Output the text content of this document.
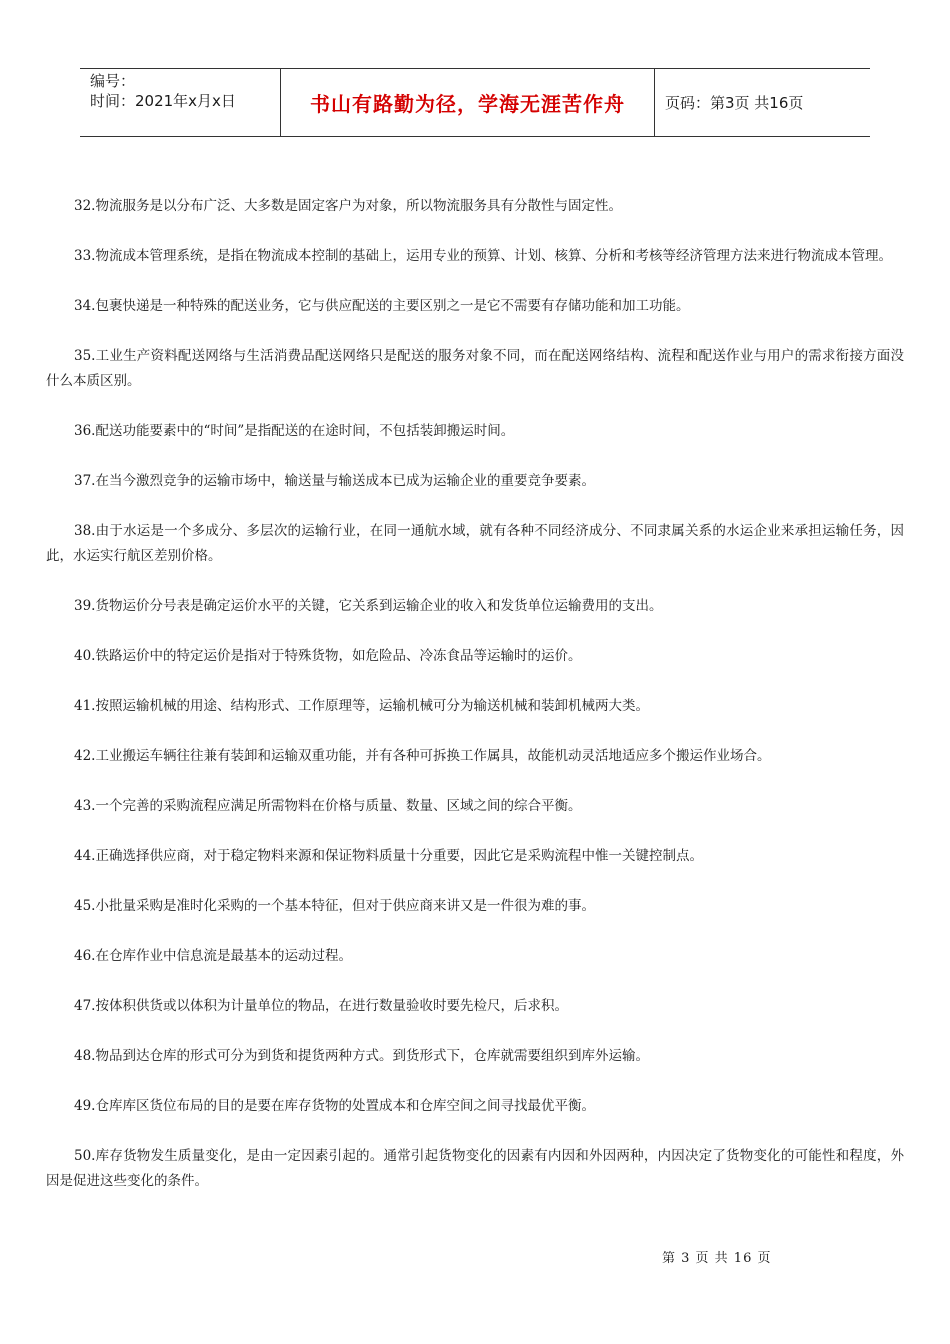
编号：
时间：2021年x月x日	书山有路勤为径，学海无涯苦作舟	页码：第3页 共16页

32.物流服务是以分布广泛、大多数是固定客户为对象，所以物流服务具有分散性与固定性。

33.物流成本管理系统，是指在物流成本控制的基础上，运用专业的预算、计划、核算、分析和考核等经济管理方法来进行物流成本管理。

34.包裹快递是一种特殊的配送业务，它与供应配送的主要区别之一是它不需要有存储功能和加工功能。

35.工业生产资料配送网络与生活消费品配送网络只是配送的服务对象不同，而在配送网络结构、流程和配送作业与用户的需求衔接方面没什么本质区别。

36.配送功能要素中的“时间”是指配送的在途时间，不包括装卸搬运时间。

37.在当今激烈竞争的运输市场中，输送量与输送成本已成为运输企业的重要竞争要素。

38.由于水运是一个多成分、多层次的运输行业，在同一通航水域，就有各种不同经济成分、不同隶属关系的水运企业来承担运输任务，因此，水运实行航区差别价格。

39.货物运价分号表是确定运价水平的关键，它关系到运输企业的收入和发货单位运输费用的支出。

40.铁路运价中的特定运价是指对于特殊货物，如危险品、冷冻食品等运输时的运价。

41.按照运输机械的用途、结构形式、工作原理等，运输机械可分为输送机械和装卸机械两大类。

42.工业搬运车辆往往兼有装卸和运输双重功能，并有各种可拆换工作属具，故能机动灵活地适应多个搬运作业场合。

43.一个完善的采购流程应满足所需物料在价格与质量、数量、区域之间的综合平衡。

44.正确选择供应商，对于稳定物料来源和保证物料质量十分重要，因此它是采购流程中惟一关键控制点。

45.小批量采购是准时化采购的一个基本特征，但对于供应商来讲又是一件很为难的事。

46.在仓库作业中信息流是最基本的运动过程。

47.按体积供货或以体积为计量单位的物品，在进行数量验收时要先检尺，后求积。

48.物品到达仓库的形式可分为到货和提货两种方式。到货形式下，仓库就需要组织到库外运输。

49.仓库库区货位布局的目的是要在库存货物的处置成本和仓库空间之间寻找最优平衡。

50.库存货物发生质量变化，是由一定因素引起的。通常引起货物变化的因素有内因和外因两种，内因决定了货物变化的可能性和程度，外因是促进这些变化的条件。

第 3 页 共 16 页
